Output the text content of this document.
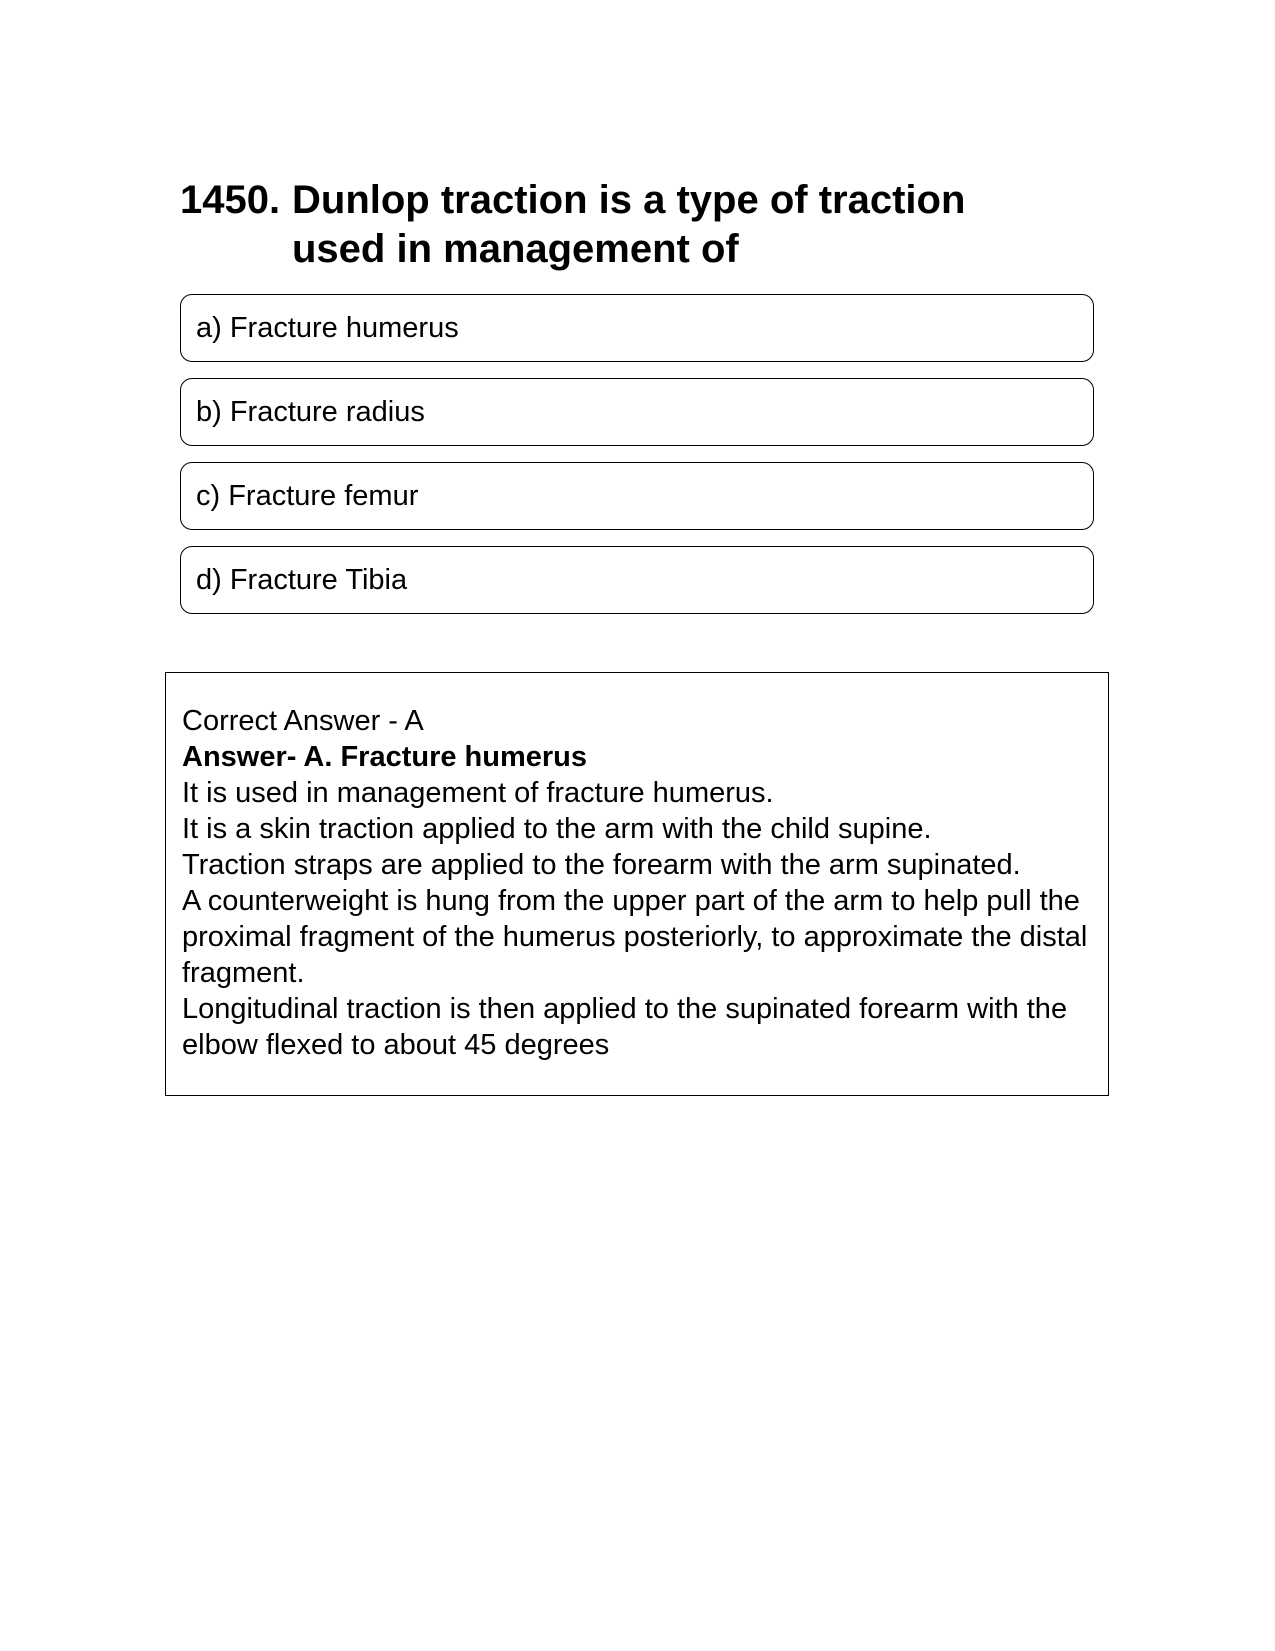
1450. Dunlop traction is a type of traction used in management of
a) Fracture humerus
b) Fracture radius
c) Fracture femur
d) Fracture Tibia

Correct Answer - A

Answer- A. Fracture humerus

It is used in management of fracture humerus.

It is a skin traction applied to the arm with the child supine.

Traction straps are applied to the forearm with the arm supinated.

A counterweight is hung from the upper part of the arm to help pull the proximal fragment of the humerus posteriorly, to approximate the distal fragment.

Longitudinal traction is then applied to the supinated forearm with the elbow flexed to about 45 degrees
